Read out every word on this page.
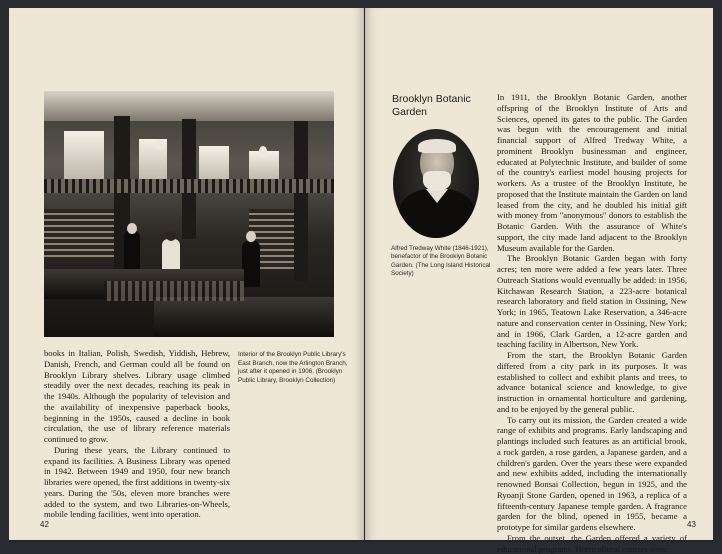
books in Italian, Polish, Swedish, Yiddish, Hebrew, Danish, French, and German could all be found on Brooklyn Library shelves. Library usage climbed steadily over the next decades, reaching its peak in the 1940s. Although the popularity of television and the availability of inexpensive paperback books, beginning in the 1950s, caused a decline in book circulation, the use of library reference materials continued to grow.

During these years, the Library continued to expand its facilities. A Business Library was opened in 1942. Between 1949 and 1950, four new branch libraries were opened, the first additions in twenty-six years. During the '50s, eleven more branches were added to the system, and two Libraries-on-Wheels, mobile lending facilities, went into operation.

Interior of the Brooklyn Public Library's East Branch, now the Arlington Branch, just after it opened in 1906. (Brooklyn Public Library, Brooklyn Collection)
42
Brooklyn Botanic Garden
Alfred Tredway White (1846-1921), benefactor of the Brooklyn Botanic Garden. (The Long Island Historical Society)

In 1911, the Brooklyn Botanic Garden, another offspring of the Brooklyn Institute of Arts and Sciences, opened its gates to the public. The Garden was begun with the encouragement and initial financial support of Alfred Tredway White, a prominent Brooklyn businessman and engineer, educated at Polytechnic Institute, and builder of some of the country's earliest model housing projects for workers. As a trustee of the Brooklyn Institute, he proposed that the Institute maintain the Garden on land leased from the city, and he doubled his initial gift with money from "anonymous" donors to establish the Botanic Garden. With the assurance of White's support, the city made land adjacent to the Brooklyn Museum available for the Garden.

The Brooklyn Botanic Garden began with forty acres; ten more were added a few years later. Three Outreach Stations would eventually be added: in 1956, Kitchawan Research Station, a 223-acre botanical research laboratory and field station in Ossining, New York; in 1965, Teatown Lake Reservation, a 346-acre nature and conservation center in Ossining, New York; and in 1966, Clark Garden, a 12-acre garden and teaching facility in Albertson, New York.

From the start, the Brooklyn Botanic Garden differed from a city park in its purposes. It was established to collect and exhibit plants and trees, to advance botanical science and knowledge, to give instruction in ornamental horticulture and gardening, and to be enjoyed by the general public.

To carry out its mission, the Garden created a wide range of exhibits and programs. Early landscaping and plantings included such features as an artificial brook, a rock garden, a rose garden, a Japanese garden, and a children's garden. Over the years these were expanded and new exhibits added, including the internationally renowned Bonsai Collection, begun in 1925, and the Ryoanji Stone Garden, opened in 1963, a replica of a fifteenth-century Japanese temple garden. A fragrance garden for the blind, opened in 1955, became a prototype for similar gardens elsewhere.

From the outset, the Garden offered a variety of educational programs. Horticultural courses were

43
